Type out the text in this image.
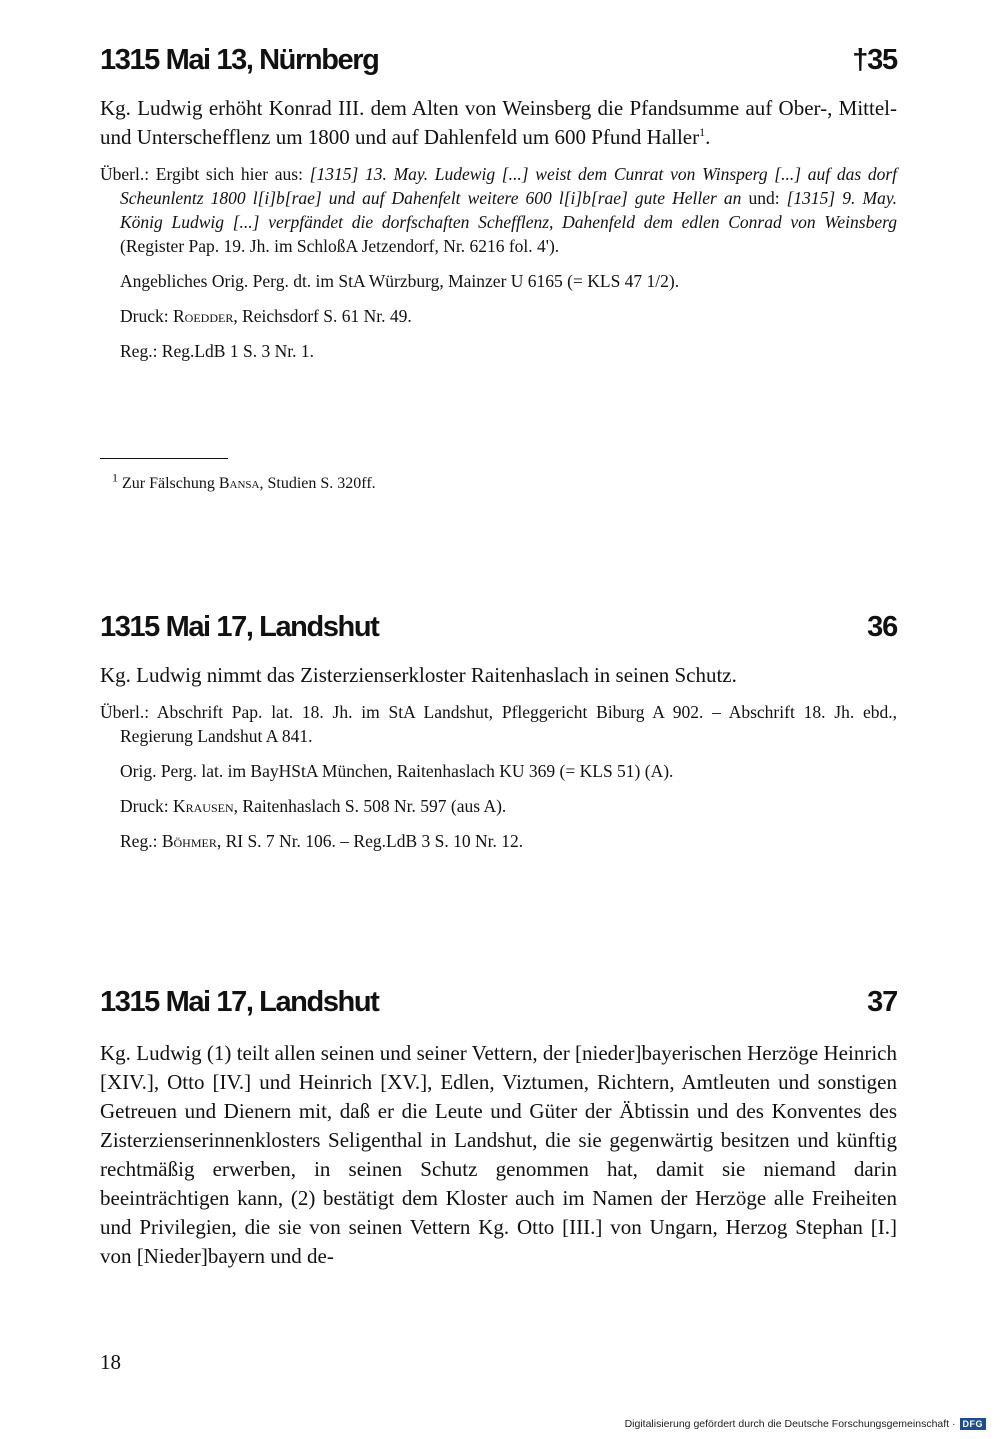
1315 Mai 13, Nürnberg	†35

Kg. Ludwig erhöht Konrad III. dem Alten von Weinsberg die Pfandsumme auf Ober-, Mittel- und Unterschefflenz um 1800 und auf Dahlenfeld um 600 Pfund Haller$^1$.

Überl.: Ergibt sich hier aus: [1315] 13. May. Ludewig [...] weist dem Cunrat von Winsperg [...] auf das dorf Scheunlentz 1800 l[i]b[rae] und auf Dahenfelt weitere 600 l[i]b[rae] gute Heller an und: [1315] 9. May. König Ludwig [...] verpfändet die dorfschaften Schefflenz, Dahenfeld dem edlen Conrad von Weinsberg (Register Pap. 19. Jh. im SchloßA Jetzendorf, Nr. 6216 fol. 4').

Angebliches Orig. Perg. dt. im StA Würzburg, Mainzer U 6165 (= KLS 47 1/2).

Druck: Roedder, Reichsdorf S. 61 Nr. 49.

Reg.: Reg.LdB 1 S. 3 Nr. 1.

$^1$ Zur Fälschung Bansa, Studien S. 320ff.
1315 Mai 17, Landshut	36

Kg. Ludwig nimmt das Zisterzienserkloster Raitenhaslach in seinen Schutz.

Überl.: Abschrift Pap. lat. 18. Jh. im StA Landshut, Pfleggericht Biburg A 902. – Abschrift 18. Jh. ebd., Regierung Landshut A 841.

Orig. Perg. lat. im BayHStA München, Raitenhaslach KU 369 (= KLS 51) (A).

Druck: Krausen, Raitenhaslach S. 508 Nr. 597 (aus A).

Reg.: Böhmer, RI S. 7 Nr. 106. – Reg.LdB 3 S. 10 Nr. 12.

1315 Mai 17, Landshut	37

Kg. Ludwig (1) teilt allen seinen und seiner Vettern, der [nieder]bayerischen Herzöge Heinrich [XIV.], Otto [IV.] und Heinrich [XV.], Edlen, Viztumen, Richtern, Amtleuten und sonstigen Getreuen und Dienern mit, daß er die Leute und Güter der Äbtissin und des Konventes des Zisterzienserinnenklosters Seligenthal in Landshut, die sie gegenwärtig besitzen und künftig rechtmäßig erwerben, in seinen Schutz genommen hat, damit sie niemand darin beeinträchtigen kann, (2) bestätigt dem Kloster auch im Namen der Herzöge alle Freiheiten und Privilegien, die sie von seinen Vettern Kg. Otto [III.] von Ungarn, Herzog Stephan [I.] von [Nieder]bayern und de-

18
Digitalisierung gefördert durch die Deutsche Forschungsgemeinschaft · DFG
